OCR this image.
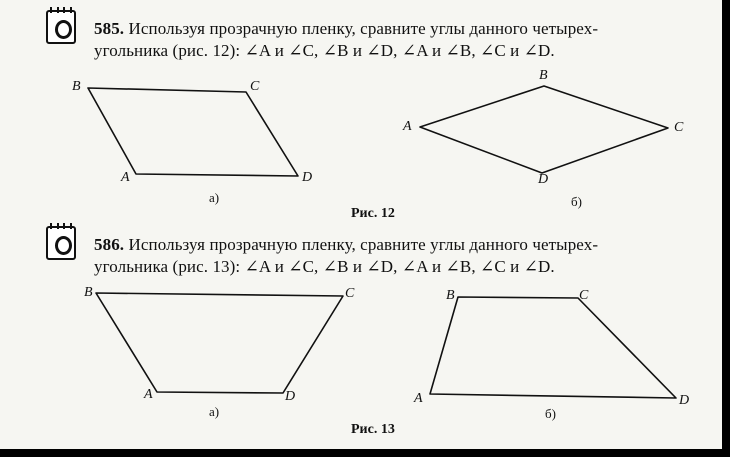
585. Используя прозрачную пленку, сравните углы данного четырех-
угольника (рис. 12): ∠A и ∠C, ∠B и ∠D, ∠A и ∠B, ∠C и ∠D.
B	C
A	D
а)
A
B
C
D
б)
Рис. 12
586. Используя прозрачную пленку, сравните углы данного четырех-
угольника (рис. 13): ∠A и ∠C, ∠B и ∠D, ∠A и ∠B, ∠C и ∠D.
B	C
A	D
а)
B	C
A	D
б)
Рис. 13
